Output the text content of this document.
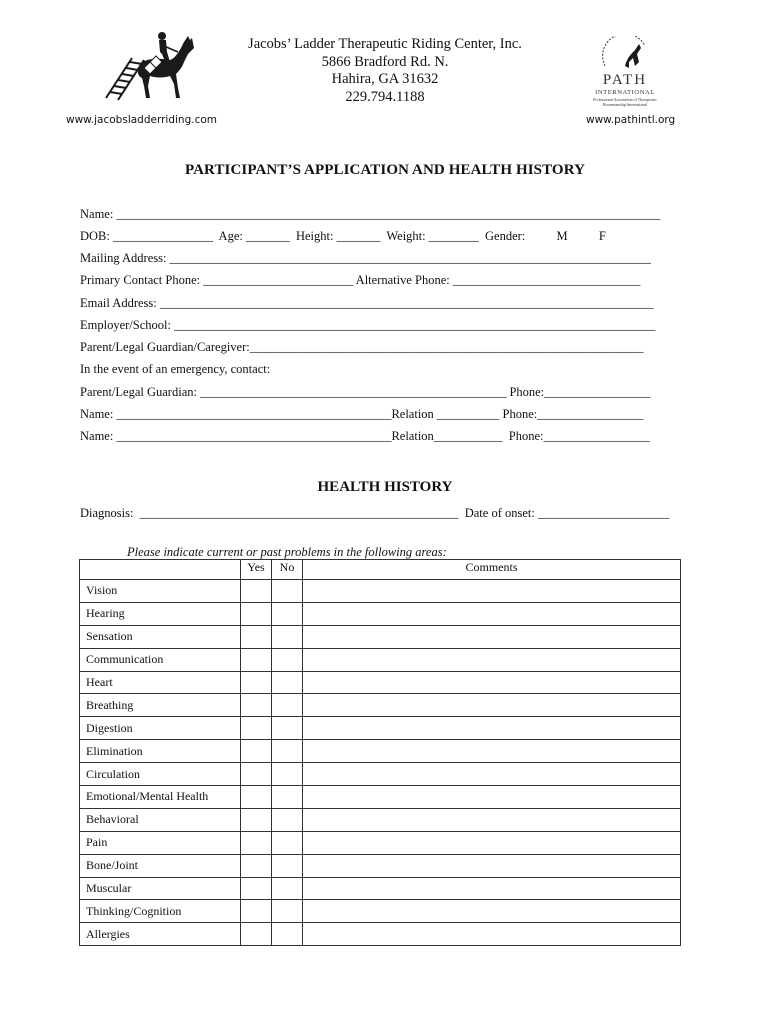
Jacobs’ Ladder Therapeutic Riding Center, Inc.
5866 Bradford Rd. N.
Hahira, GA 31632
229.794.1188
PATH
INTERNATIONAL
Professional Association of Therapeutic
Horsemanship International
www.jacobsladderriding.com	www.pathintl.org
PARTICIPANT’S APPLICATION AND HEALTH HISTORY
Name: _______________________________________________________________________________________
DOB: ________________  Age: _______  Height: _______  Weight: ________  Gender:          M          F
Mailing Address: _____________________________________________________________________________
Primary Contact Phone: ________________________ Alternative Phone: ______________________________
Email Address: _______________________________________________________________________________
Employer/School: _____________________________________________________________________________
Parent/Legal Guardian/Caregiver:_______________________________________________________________
In the event of an emergency, contact:
Parent/Legal Guardian: _________________________________________________ Phone:_________________
Name: ____________________________________________Relation __________ Phone:_________________
Name: ____________________________________________Relation___________  Phone:_________________
HEALTH HISTORY
Diagnosis:  ___________________________________________________  Date of onset: _____________________
Please indicate current or past problems in the following areas:
	Yes	No	Comments
Vision			
Hearing			
Sensation			
Communication			
Heart			
Breathing			
Digestion			
Elimination			
Circulation			
Emotional/Mental Health			
Behavioral			
Pain			
Bone/Joint			
Muscular			
Thinking/Cognition			
Allergies			
